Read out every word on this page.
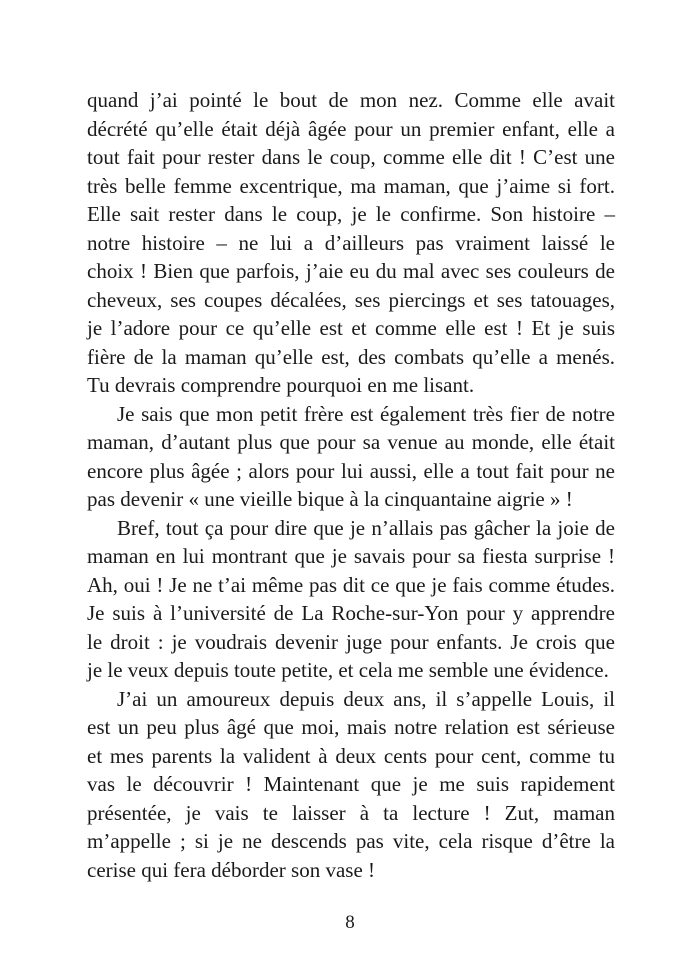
quand j’ai pointé le bout de mon nez. Comme elle avait
décrété qu’elle était déjà âgée pour un premier enfant, elle a
tout fait pour rester dans le coup, comme elle dit ! C’est une
très belle femme excentrique, ma maman, que j’aime si fort.
Elle sait rester dans le coup, je le confirme. Son histoire –
notre histoire – ne lui a d’ailleurs pas vraiment laissé le
choix ! Bien que parfois, j’aie eu du mal avec ses couleurs de
cheveux, ses coupes décalées, ses piercings et ses tatouages,
je l’adore pour ce qu’elle est et comme elle est ! Et je suis
fière de la maman qu’elle est, des combats qu’elle a menés.
Tu devrais comprendre pourquoi en me lisant.
Je sais que mon petit frère est également très fier de notre
maman, d’autant plus que pour sa venue au monde, elle était
encore plus âgée ; alors pour lui aussi, elle a tout fait pour ne
pas devenir « une vieille bique à la cinquantaine aigrie » !
Bref, tout ça pour dire que je n’allais pas gâcher la joie de
maman en lui montrant que je savais pour sa fiesta surprise !
Ah, oui ! Je ne t’ai même pas dit ce que je fais comme études.
Je suis à l’université de La Roche-sur-Yon pour y apprendre
le droit : je voudrais devenir juge pour enfants. Je crois que
je le veux depuis toute petite, et cela me semble une évidence.
J’ai un amoureux depuis deux ans, il s’appelle Louis, il
est un peu plus âgé que moi, mais notre relation est sérieuse
et mes parents la valident à deux cents pour cent, comme tu
vas le découvrir ! Maintenant que je me suis rapidement
présentée, je vais te laisser à ta lecture ! Zut, maman
m’appelle ; si je ne descends pas vite, cela risque d’être la
cerise qui fera déborder son vase !
8
